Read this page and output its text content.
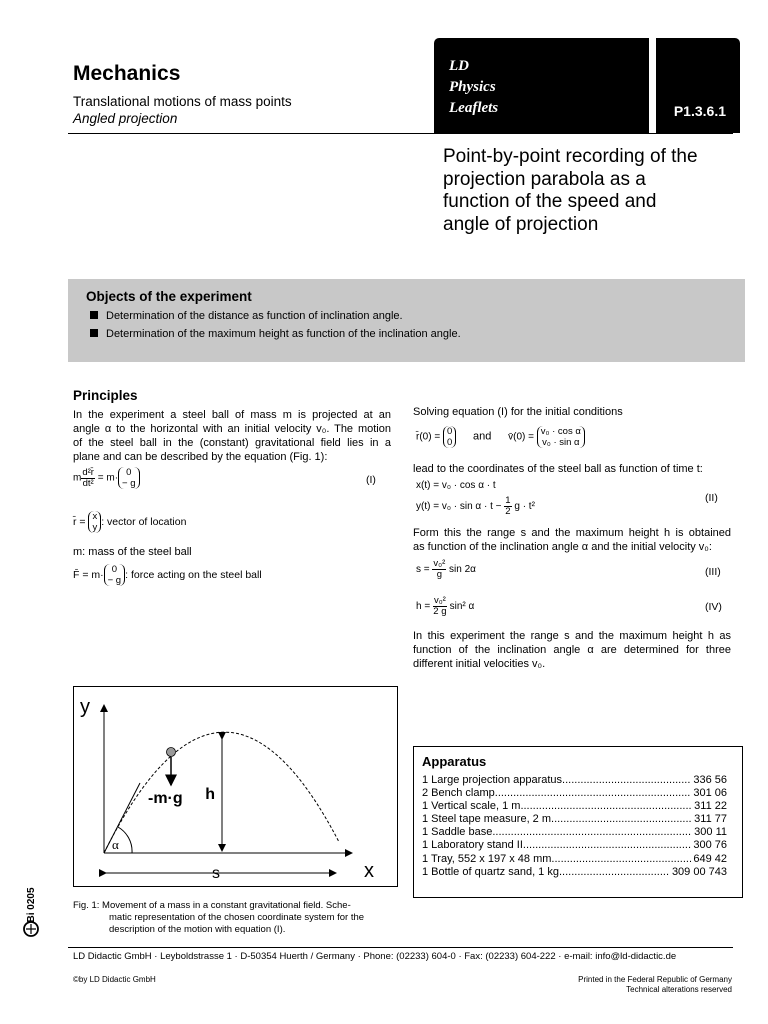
Mechanics
Translational motions of mass points
Angled projection
LD
Physics
Leaflets	P1.3.6.1
Point-by-point recording of the
projection parabola as a
function of the speed and
angle of projection
Objects of the experiment
Determination of the distance as function of inclination angle.
Determination of the maximum height as function of the inclination angle.
Principles
In the experiment a steel ball of mass m is projected at an
angle α to the horizontal with an initial velocity v₀. The motion
of the steel ball in the (constant) gravitational field lies in a
plane and can be described by the equation (Fig. 1):
m $\frac{\text{d²r̄}}{\text{dt²}} = m\cdot 0$
− g	(I)
r̄ = x
y : vector of location
m: mass of the steel ball
F̄ = m· 0
− g : force acting on the steel ball
Solving equation (I) for the initial conditions
r̄(0) = 0
0 and v̄(0) = v₀ · cos α
v₀ · sin α
lead to the coordinates of the steel ball as function of time t:
x(t) = v₀ · cos α · t
$y(t) = v_0 \cdot \sin \alpha \cdot t - \frac{1}{2}$ g · t²
(II)
Form this the range s and the maximum height h is obtained
as function of the inclination angle α and the initial velocity v₀:
$s = \frac{\text{v₀²}}{g}$ sin 2α	(III)
$h = \frac{\text{v₀²}}{2 g} \sin^2$ α	(IV)
In this experiment the range s and the maximum height h as
function of the inclination angle α are determined for three
different initial velocities v₀.
y
x
-m·g h
s
α
Fig. 1: Movement of a mass in a constant gravitational field. Sche-
matic representation of the chosen coordinate system for the
description of the motion with equation (I).
Apparatus
1 Large projection apparatus .....	336 56
2 Bench clamp .....	301 06
1 Vertical scale, 1 m .....	311 22
1 Steel tape measure, 2 m .....	311 77
1 Saddle base .....	300 11
1 Laboratory stand II .....	300 76
1 Tray, 552 x 197 x 48 mm .....	649 42
1 Bottle of quartz sand, 1 kg .....	309 00 743
Bi 0205
LD Didactic GmbH · Leyboldstrasse 1 · D-50354 Huerth / Germany · Phone: (02233) 604-0 · Fax: (02233) 604-222 · e-mail: info@ld-didactic.de
©by LD Didactic GmbH	Printed in the Federal Republic of Germany
Technical alterations reserved
